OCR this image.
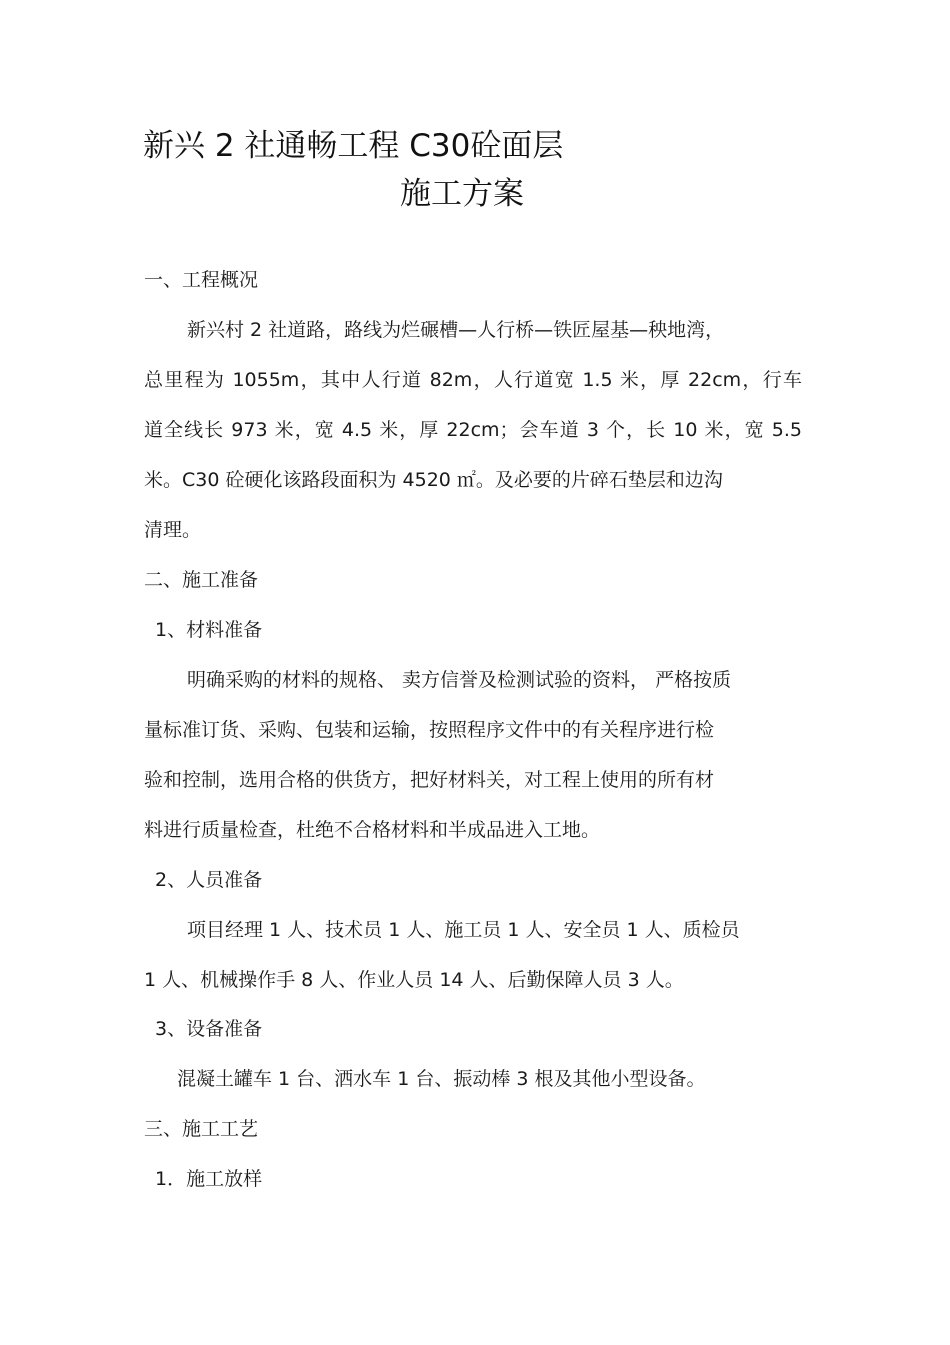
新兴 2 社通畅工程 C30砼面层
施工方案
一、工程概况
新兴村 2 社道路，路线为烂碾槽—人行桥—铁匠屋基—秧地湾，
总里程为 1055m，其中人行道 82m，人行道宽 1.5 米，厚 22cm，行车
道全线长 973 米，宽 4.5 米，厚 22cm；会车道 3 个，长 10 米，宽 5.5
米。C30 砼硬化该路段面积为 4520 ㎡。及必要的片碎石垫层和边沟
清理。
二、施工准备
1、材料准备
明确采购的材料的规格、 卖方信誉及检测试验的资料， 严格按质
量标准订货、采购、包装和运输，按照程序文件中的有关程序进行检
验和控制，选用合格的供货方，把好材料关，对工程上使用的所有材
料进行质量检查，杜绝不合格材料和半成品进入工地。
2、人员准备
项目经理 1 人、技术员 1 人、施工员 1 人、安全员 1 人、质检员
1 人、机械操作手 8 人、作业人员 14 人、后勤保障人员 3 人。
3、设备准备
混凝土罐车 1 台、洒水车 1 台、振动棒 3 根及其他小型设备。
三、施工工艺
1．施工放样
